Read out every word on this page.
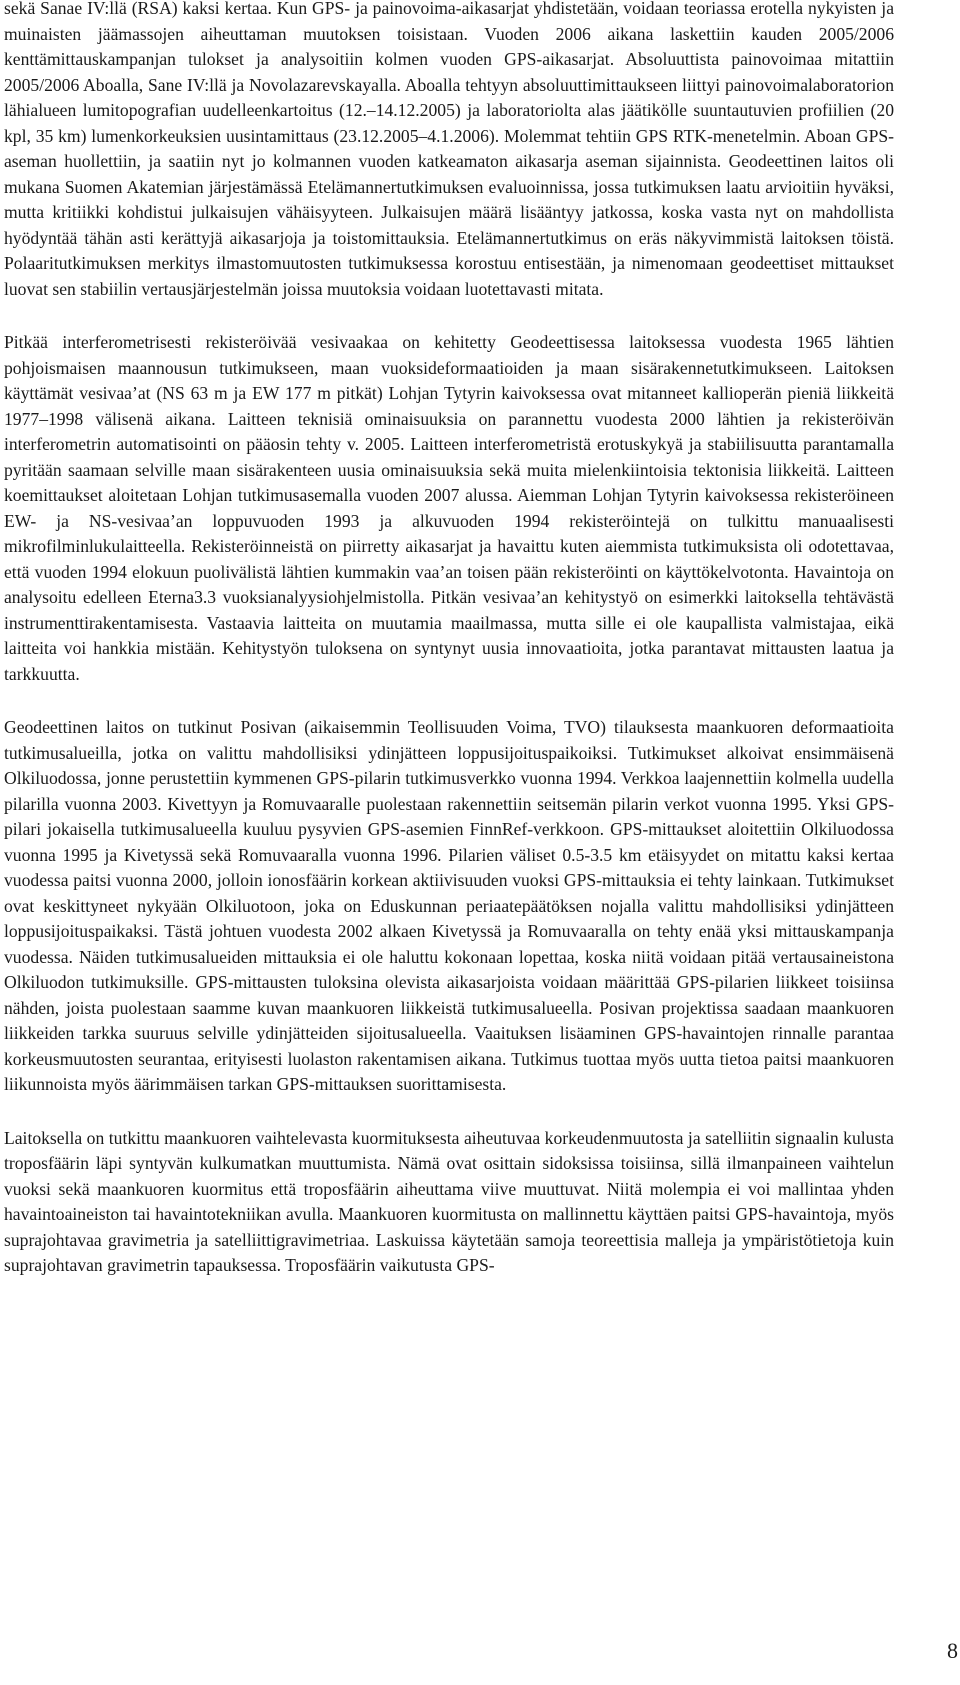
sekä Sanae IV:llä (RSA) kaksi kertaa. Kun GPS- ja painovoima-aikasarjat yhdistetään, voidaan teoriassa erotella nykyisten ja muinaisten jäämassojen aiheuttaman muutoksen toisistaan. Vuoden 2006 aikana laskettiin kauden 2005/2006 kenttämittauskampanjan tulokset ja analysoitiin kolmen vuoden GPS-aikasarjat. Absoluuttista painovoimaa mitattiin 2005/2006 Aboalla, Sane IV:llä ja Novolazarevskayalla. Aboalla tehtyyn absoluuttimittaukseen liittyi painovoimalaboratorion lähialueen lumitopografian uudelleenkartoitus (12.–14.12.2005) ja laboratoriolta alas jäätikölle suuntautuvien profiilien (20 kpl, 35 km) lumenkorkeuksien uusintamittaus (23.12.2005–4.1.2006). Molemmat tehtiin GPS RTK-menetelmin. Aboan GPS-aseman huollettiin, ja saatiin nyt jo kolmannen vuoden katkeamaton aikasarja aseman sijainnista. Geodeettinen laitos oli mukana Suomen Akatemian järjestämässä Etelämannertutkimuksen evaluoinnissa, jossa tutkimuksen laatu arvioitiin hyväksi, mutta kritiikki kohdistui julkaisujen vähäisyyteen. Julkaisujen määrä lisääntyy jatkossa, koska vasta nyt on mahdollista hyödyntää tähän asti kerättyjä aikasarjoja ja toistomittauksia. Etelämannertutkimus on eräs näkyvimmistä laitoksen töistä. Polaaritutkimuksen merkitys ilmastomuutosten tutkimuksessa korostuu entisestään, ja nimenomaan geodeettiset mittaukset luovat sen stabiilin vertausjärjestelmän joissa muutoksia voidaan luotettavasti mitata.

Pitkää interferometrisesti rekisteröivää vesivaakaa on kehitetty Geodeettisessa laitoksessa vuodesta 1965 lähtien pohjoismaisen maannousun tutkimukseen, maan vuoksideformaatioiden ja maan sisärakennetutkimukseen. Laitoksen käyttämät vesivaa’at (NS 63 m ja EW 177 m pitkät) Lohjan Tytyrin kaivoksessa ovat mitanneet kallioperän pieniä liikkeitä 1977–1998 välisenä aikana. Laitteen teknisiä ominaisuuksia on parannettu vuodesta 2000 lähtien ja rekisteröivän interferometrin automatisointi on pääosin tehty v. 2005. Laitteen interferometristä erotuskykyä ja stabiilisuutta parantamalla pyritään saamaan selville maan sisärakenteen uusia ominaisuuksia sekä muita mielenkiintoisia tektonisia liikkeitä. Laitteen koemittaukset aloitetaan Lohjan tutkimusasemalla vuoden 2007 alussa. Aiemman Lohjan Tytyrin kaivoksessa rekisteröineen EW- ja NS-vesivaa’an loppuvuoden 1993 ja alkuvuoden 1994 rekisteröintejä on tulkittu manuaalisesti mikrofilminlukulaitteella. Rekisteröinneistä on piirretty aikasarjat ja havaittu kuten aiemmista tutkimuksista oli odotettavaa, että vuoden 1994 elokuun puolivälistä lähtien kummakin vaa’an toisen pään rekisteröinti on käyttökelvotonta. Havaintoja on analysoitu edelleen Eterna3.3 vuoksianalyysiohjelmistolla. Pitkän vesivaa’an kehitystyö on esimerkki laitoksella tehtävästä instrumenttirakentamisesta. Vastaavia laitteita on muutamia maailmassa, mutta sille ei ole kaupallista valmistajaa, eikä laitteita voi hankkia mistään. Kehitystyön tuloksena on syntynyt uusia innovaatioita, jotka parantavat mittausten laatua ja tarkkuutta.

Geodeettinen laitos on tutkinut Posivan (aikaisemmin Teollisuuden Voima, TVO) tilauksesta maankuoren deformaatioita tutkimusalueilla, jotka on valittu mahdollisiksi ydinjätteen loppusijoituspaikoiksi. Tutkimukset alkoivat ensimmäisenä Olkiluodossa, jonne perustettiin kymmenen GPS-pilarin tutkimusverkko vuonna 1994. Verkkoa laajennettiin kolmella uudella pilarilla vuonna 2003. Kivettyyn ja Romuvaaralle puolestaan rakennettiin seitsemän pilarin verkot vuonna 1995. Yksi GPS-pilari jokaisella tutkimusalueella kuuluu pysyvien GPS-asemien FinnRef-verkkoon. GPS-mittaukset aloitettiin Olkiluodossa vuonna 1995 ja Kivetyssä sekä Romuvaaralla vuonna 1996. Pilarien väliset 0.5-3.5 km etäisyydet on mitattu kaksi kertaa vuodessa paitsi vuonna 2000, jolloin ionosfäärin korkean aktiivisuuden vuoksi GPS-mittauksia ei tehty lainkaan. Tutkimukset ovat keskittyneet nykyään Olkiluotoon, joka on Eduskunnan periaatepäätöksen nojalla valittu mahdollisiksi ydinjätteen loppusijoituspaikaksi. Tästä johtuen vuodesta 2002 alkaen Kivetyssä ja Romuvaaralla on tehty enää yksi mittauskampanja vuodessa. Näiden tutkimusalueiden mittauksia ei ole haluttu kokonaan lopettaa, koska niitä voidaan pitää vertausaineistona Olkiluodon tutkimuksille. GPS-mittausten tuloksina olevista aikasarjoista voidaan määrittää GPS-pilarien liikkeet toisiinsa nähden, joista puolestaan saamme kuvan maankuoren liikkeistä tutkimusalueella. Posivan projektissa saadaan maankuoren liikkeiden tarkka suuruus selville ydinjätteiden sijoitusalueella. Vaaituksen lisäaminen GPS-havaintojen rinnalle parantaa korkeusmuutosten seurantaa, erityisesti luolaston rakentamisen aikana. Tutkimus tuottaa myös uutta tietoa paitsi maankuoren liikunnoista myös äärimmäisen tarkan GPS-mittauksen suorittamisesta.

Laitoksella on tutkittu maankuoren vaihtelevasta kuormituksesta aiheutuvaa korkeudenmuutosta ja satelliitin signaalin kulusta troposfäärin läpi syntyvän kulkumatkan muuttumista. Nämä ovat osittain sidoksissa toisiinsa, sillä ilmanpaineen vaihtelun vuoksi sekä maankuoren kuormitus että troposfäärin aiheuttama viive muuttuvat. Niitä molempia ei voi mallintaa yhden havaintoaineiston tai havaintotekniikan avulla. Maankuoren kuormitusta on mallinnettu käyttäen paitsi GPS-havaintoja, myös suprajohtavaa gravimetria ja satelliittigravimetriaa. Laskuissa käytetään samoja teoreettisia malleja ja ympäristötietoja kuin suprajohtavan gravimetrin tapauksessa. Troposfäärin vaikutusta GPS-

8
